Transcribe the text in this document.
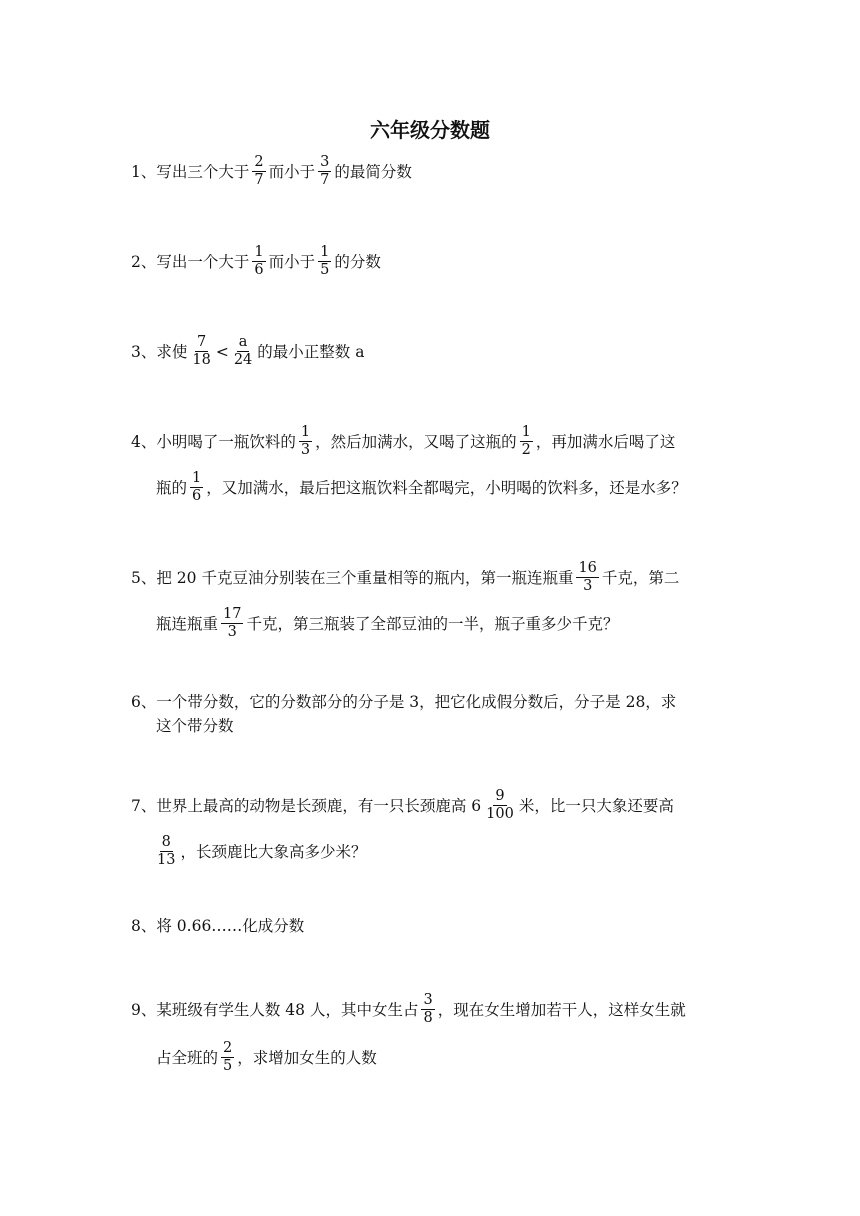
六年级分数题
1、写出三个大于 $\frac{2}{7}$ 而小于 $\frac{3}{7}$ 的最简分数
2、写出一个大于 $\frac{1}{6}$ 而小于 $\frac{1}{5}$ 的分数
3、求使 $\frac{7}{18} < \frac{a}{24}$ 的最小正整数 a
4、小明喝了一瓶饮料的 $\frac{1}{3}$ ，然后加满水，又喝了这瓶的 $\frac{1}{2}$ ，再加满水后喝了这
瓶的 $\frac{1}{6}$ ，又加满水，最后把这瓶饮料全都喝完，小明喝的饮料多，还是水多？
5、把 20 千克豆油分别装在三个重量相等的瓶内，第一瓶连瓶重 $\frac{16}{3}$ 千克，第二
瓶连瓶重 $\frac{17}{3}$ 千克，第三瓶装了全部豆油的一半，瓶子重多少千克？
6、一个带分数，它的分数部分的分子是 3，把它化成假分数后，分子是 28，求
这个带分数
7、世界上最高的动物是长颈鹿，有一只长颈鹿高 $6 \frac{9}{100}$ 米，比一只大象还要高
$\frac{8}{13}$ ，长颈鹿比大象高多少米？
8、将 0.66……化成分数
9、某班级有学生人数 48 人，其中女生占 $\frac{3}{8}$ ，现在女生增加若干人，这样女生就
占全班的 $\frac{2}{5}$ ，求增加女生的人数
